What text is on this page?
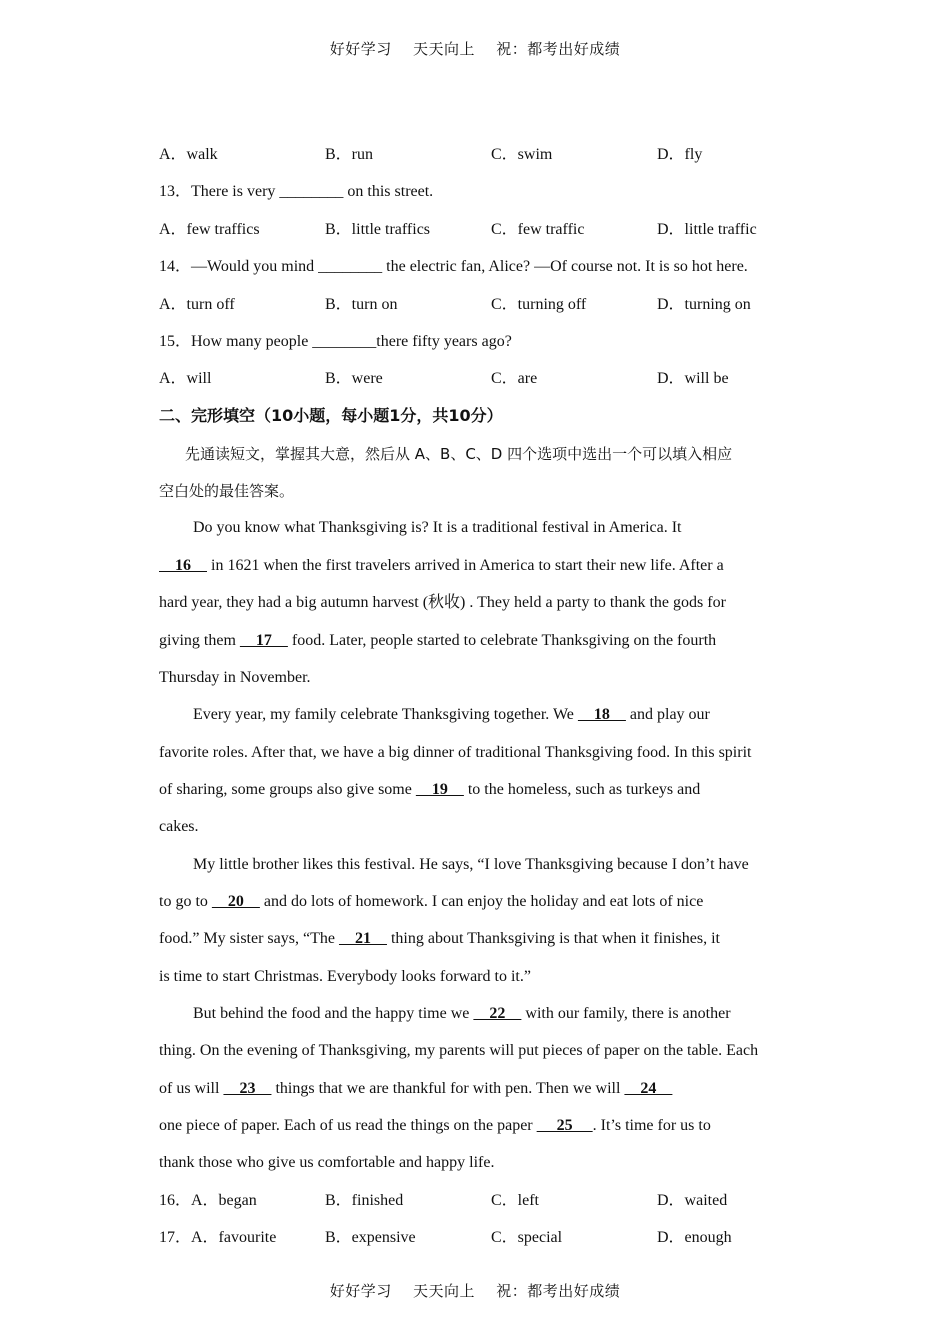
好好学习 天天向上 祝：都考出好成绩
A．walk	B．run	C．swim	D．fly
13．There is very ________ on this street.
A．few traffics	B．little traffics	C．few traffic	D．little traffic
14．—Would you mind ________ the electric fan, Alice? —Of course not. It is so hot here.
A．turn off	B．turn on	C．turning off	D．turning on
15．How many people ________there fifty years ago?
A．will	B．were	C．are	D．will be
二、完形填空（10小题，每小题1分，共10分）
先通读短文，掌握其大意，然后从 A、B、C、D 四个选项中选出一个可以填入相应
空白处的最佳答案。
Do you know what Thanksgiving is? It is a traditional festival in America. It
16     in 1621 when the first travelers arrived in America to start their new life. After a
hard year, they had a big autumn harvest (秋收) . They held a party to thank the gods for
giving them     17     food. Later, people started to celebrate Thanksgiving on the fourth
Thursday in November.
Every year, my family celebrate Thanksgiving together. We     18     and play our
favorite roles. After that, we have a big dinner of traditional Thanksgiving food. In this spirit
of sharing, some groups also give some     19     to the homeless, such as turkeys and
cakes.
My little brother likes this festival. He says, “I love Thanksgiving because I don’t have
to go to     20     and do lots of homework. I can enjoy the holiday and eat lots of nice
food.” My sister says, “The     21     thing about Thanksgiving is that when it finishes, it
is time to start Christmas. Everybody looks forward to it.”
But behind the food and the happy time we     22     with our family, there is another
thing. On the evening of Thanksgiving, my parents will put pieces of paper on the table. Each
of us will     23     things that we are thankful for with pen. Then we will     24
one piece of paper. Each of us read the things on the paper      25     . It’s time for us to
thank those who give us comfortable and happy life.
16．A．began	B．finished	C．left	D．waited
17．A．favourite	B．expensive	C．special	D．enough
好好学习 天天向上 祝：都考出好成绩
